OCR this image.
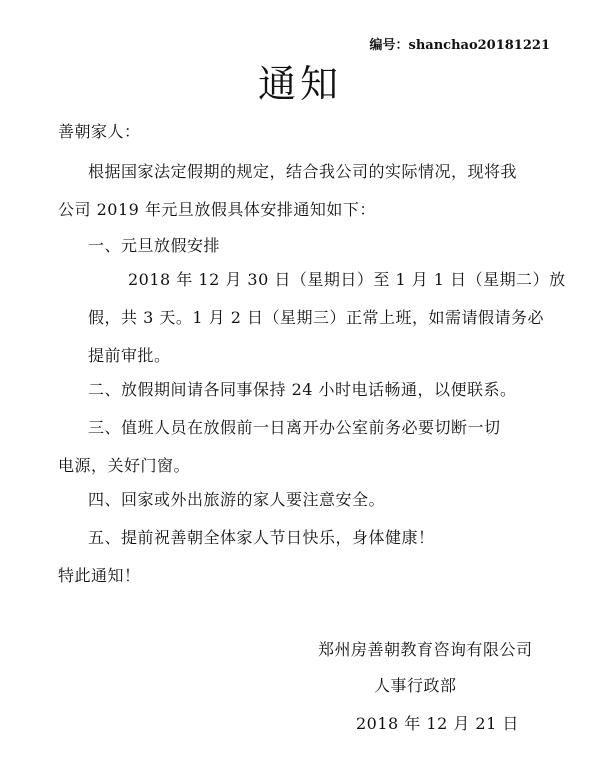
编号：shanchao20181221
通知
善朝家人：
根据国家法定假期的规定，结合我公司的实际情况，现将我
公司 2019 年元旦放假具体安排通知如下：
一、元旦放假安排
2018 年 12 月 30 日（星期日）至 1 月 1 日（星期二）放
假，共 3 天。1 月 2 日（星期三）正常上班，如需请假请务必
提前审批。
二、放假期间请各同事保持 24 小时电话畅通，以便联系。
三、值班人员在放假前一日离开办公室前务必要切断一切
电源，关好门窗。
四、回家或外出旅游的家人要注意安全。
五、提前祝善朝全体家人节日快乐，身体健康！
特此通知！
郑州房善朝教育咨询有限公司
人事行政部
2018 年 12 月 21 日
